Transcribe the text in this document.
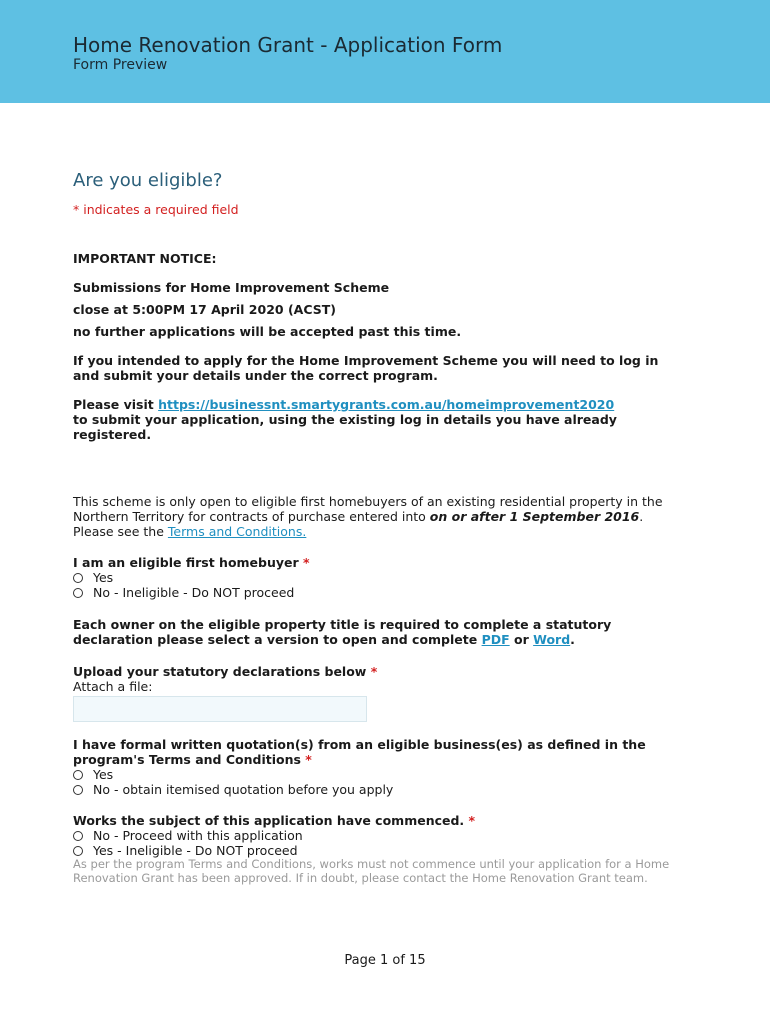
Home Renovation Grant - Application Form
Form Preview
Are you eligible?
* indicates a required field
IMPORTANT NOTICE:
Submissions for Home Improvement Scheme
close at 5:00PM 17 April 2020 (ACST)
no further applications will be accepted past this time.
If you intended to apply for the Home Improvement Scheme you will need to log in and submit your details under the correct program.
Please visit https://businessnt.smartygrants.com.au/homeimprovement2020
to submit your application, using the existing log in details you have already registered.
This scheme is only open to eligible first homebuyers of an existing residential property in the Northern Territory for contracts of purchase entered into on or after 1 September 2016. Please see the Terms and Conditions.
I am an eligible first homebuyer *
Yes
No - Ineligible - Do NOT proceed
Each owner on the eligible property title is required to complete a statutory declaration please select a version to open and complete PDF or Word.
Upload your statutory declarations below *
Attach a file:
I have formal written quotation(s) from an eligible business(es) as defined in the program's Terms and Conditions *
Yes
No - obtain itemised quotation before you apply
Works the subject of this application have commenced. *
No - Proceed with this application
Yes - Ineligible - Do NOT proceed
As per the program Terms and Conditions, works must not commence until your application for a Home Renovation Grant has been approved. If in doubt, please contact the Home Renovation Grant team.
Page 1 of 15
